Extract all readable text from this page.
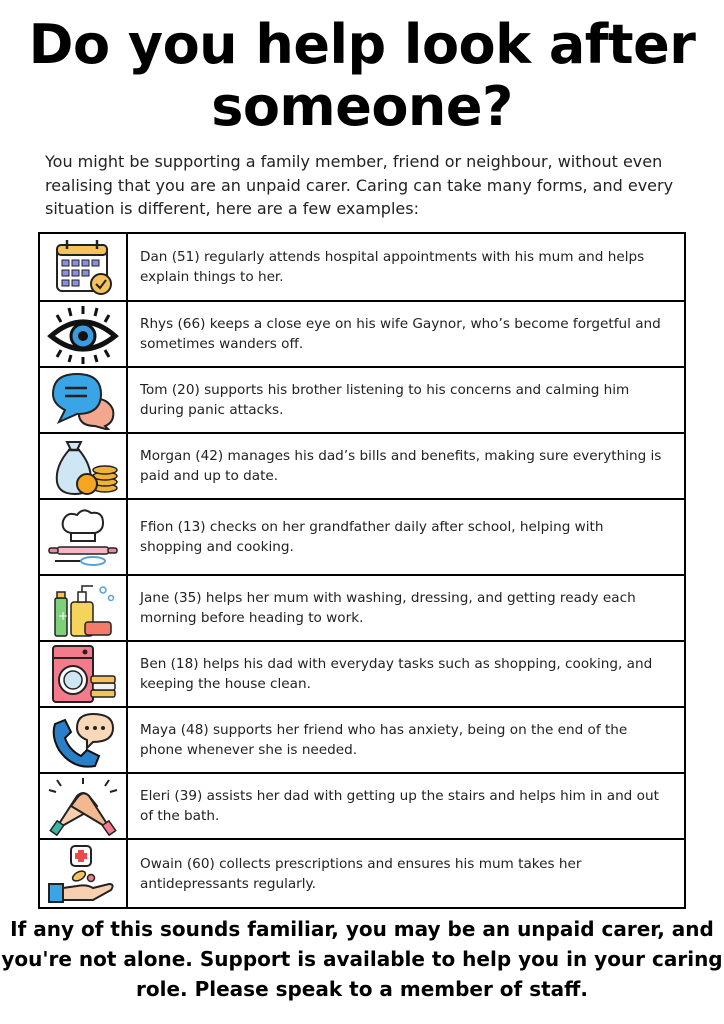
Do you help look after someone?

You might be supporting a family member, friend or neighbour, without even realising that you are an unpaid carer. Caring can take many forms, and every situation is different, here are a few examples:

Dan (51) regularly attends hospital appointments with his mum and helps explain things to her.
Rhys (66) keeps a close eye on his wife Gaynor, who’s become forgetful and sometimes wanders off.
Tom (20) supports his brother listening to his concerns and calming him during panic attacks.
Morgan (42) manages his dad’s bills and benefits, making sure everything is paid and up to date.
Ffion (13) checks on her grandfather daily after school, helping with shopping and cooking.
+
Jane (35) helps her mum with washing, dressing, and getting ready each morning before heading to work.
Ben (18) helps his dad with everyday tasks such as shopping, cooking, and keeping the house clean.
Maya (48) supports her friend who has anxiety, being on the end of the phone whenever she is needed.
Eleri (39) assists her dad with getting up the stairs and helps him in and out of the bath.
Owain (60) collects prescriptions and ensures his mum takes her antidepressants regularly.

If any of this sounds familiar, you may be an unpaid carer, and you're not alone. Support is available to help you in your caring role. Please speak to a member of staff.
